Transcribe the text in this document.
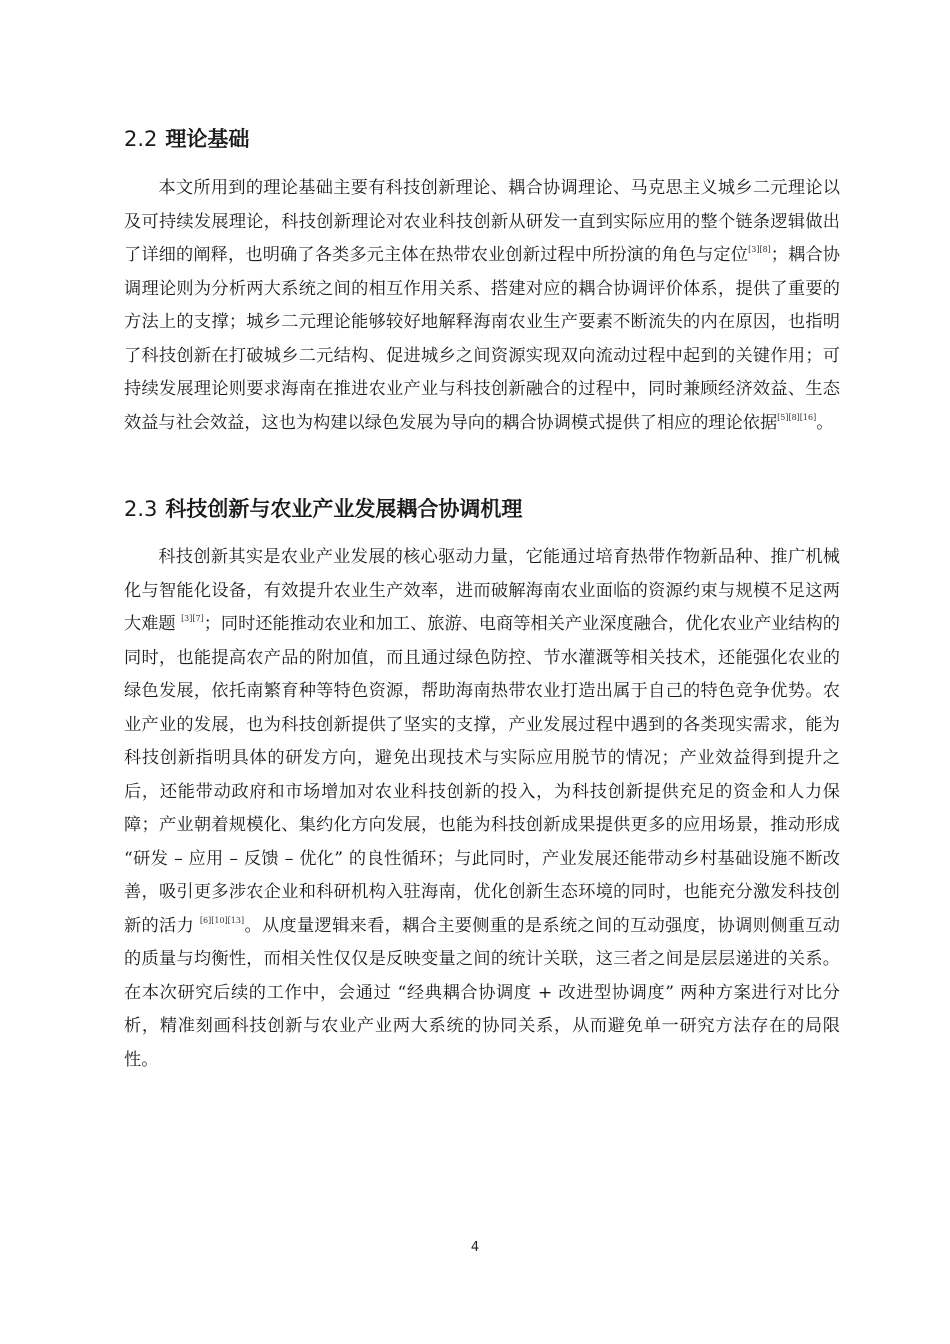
2.2 理论基础

本文所用到的理论基础主要有科技创新理论、耦合协调理论、马克思主义城乡二元理论以及可持续发展理论，科技创新理论对农业科技创新从研发一直到实际应用的整个链条逻辑做出了详细的阐释，也明确了各类多元主体在热带农业创新过程中所扮演的角色与定位[3][8]；耦合协调理论则为分析两大系统之间的相互作用关系、搭建对应的耦合协调评价体系，提供了重要的方法上的支撑；城乡二元理论能够较好地解释海南农业生产要素不断流失的内在原因，也指明了科技创新在打破城乡二元结构、促进城乡之间资源实现双向流动过程中起到的关键作用；可持续发展理论则要求海南在推进农业产业与科技创新融合的过程中，同时兼顾经济效益、生态效益与社会效益，这也为构建以绿色发展为导向的耦合协调模式提供了相应的理论依据[5][8][16]。

2.3 科技创新与农业产业发展耦合协调机理

科技创新其实是农业产业发展的核心驱动力量，它能通过培育热带作物新品种、推广机械化与智能化设备，有效提升农业生产效率，进而破解海南农业面临的资源约束与规模不足这两大难题 [3][7]；同时还能推动农业和加工、旅游、电商等相关产业深度融合，优化农业产业结构的同时，也能提高农产品的附加值，而且通过绿色防控、节水灌溉等相关技术，还能强化农业的绿色发展，依托南繁育种等特色资源，帮助海南热带农业打造出属于自己的特色竞争优势。农业产业的发展，也为科技创新提供了坚实的支撑，产业发展过程中遇到的各类现实需求，能为科技创新指明具体的研发方向，避免出现技术与实际应用脱节的情况；产业效益得到提升之后，还能带动政府和市场增加对农业科技创新的投入，为科技创新提供充足的资金和人力保障；产业朝着规模化、集约化方向发展，也能为科技创新成果提供更多的应用场景，推动形成 “研发 – 应用 – 反馈 – 优化” 的良性循环；与此同时，产业发展还能带动乡村基础设施不断改善，吸引更多涉农企业和科研机构入驻海南，优化创新生态环境的同时，也能充分激发科技创新的活力 [6][10][13]。从度量逻辑来看，耦合主要侧重的是系统之间的互动强度，协调则侧重互动的质量与均衡性，而相关性仅仅是反映变量之间的统计关联，这三者之间是层层递进的关系。在本次研究后续的工作中，会通过 “经典耦合协调度 + 改进型协调度” 两种方案进行对比分析，精准刻画科技创新与农业产业两大系统的协同关系，从而避免单一研究方法存在的局限性。

4
